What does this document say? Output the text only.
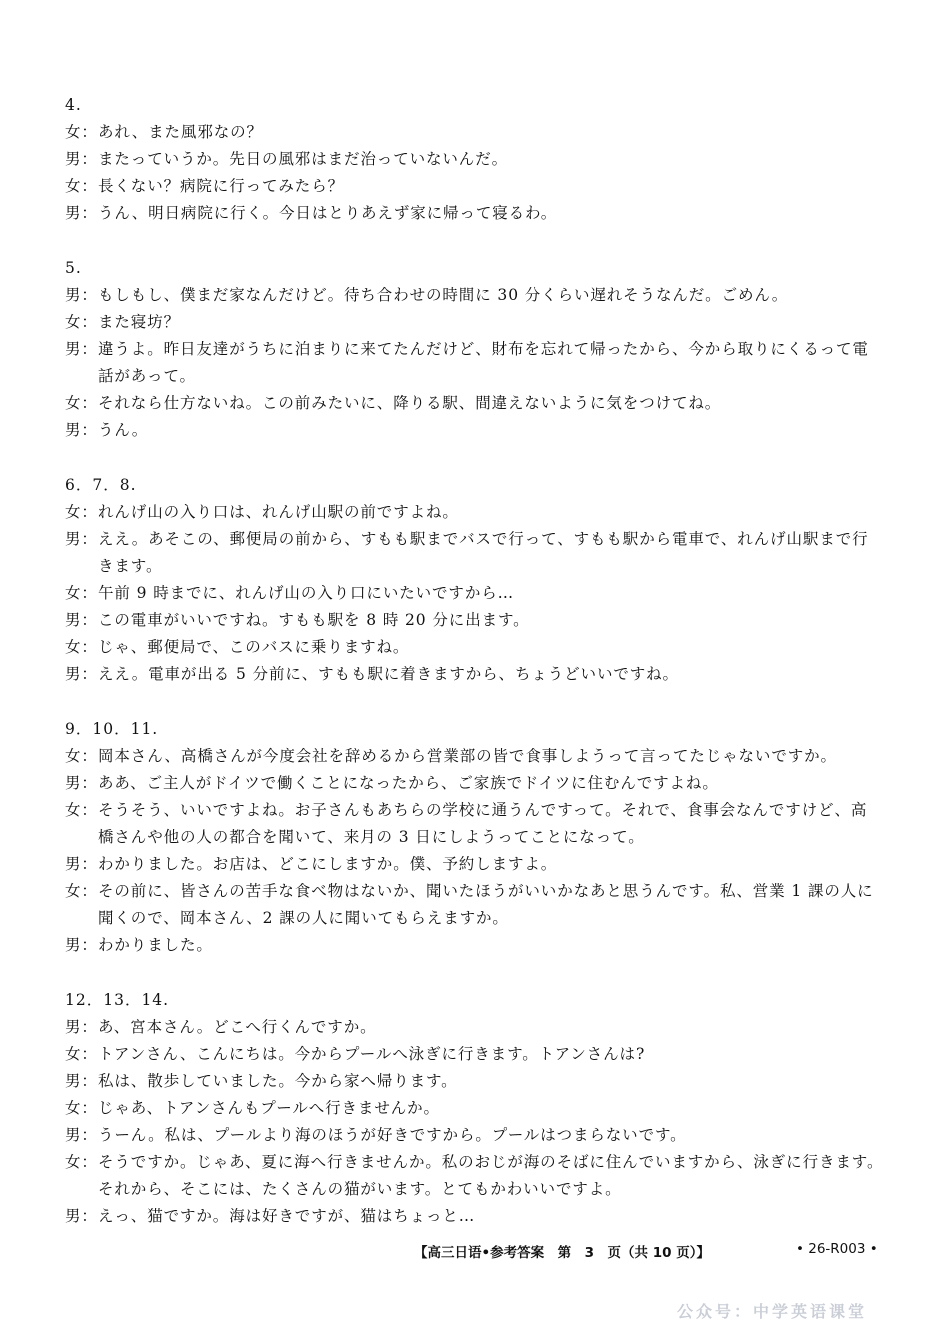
4.
女：あれ、また風邪なの？
男：またっていうか。先日の風邪はまだ治っていないんだ。
女：長くない？病院に行ってみたら？
男：うん、明日病院に行く。今日はとりあえず家に帰って寝るわ。
5.
男：もしもし、僕まだ家なんだけど。待ち合わせの時間に 30 分くらい遅れそうなんだ。ごめん。
女：また寝坊？
男：違うよ。昨日友達がうちに泊まりに来てたんだけど、財布を忘れて帰ったから、今から取りにくるって電
話があって。
女：それなら仕方ないね。この前みたいに、降りる駅、間違えないように気をつけてね。
男：うん。
6．7．8.
女：れんげ山の入り口は、れんげ山駅の前ですよね。
男：ええ。あそこの、郵便局の前から、すもも駅までバスで行って、すもも駅から電車で、れんげ山駅まで行
きます。
女：午前 9 時までに、れんげ山の入り口にいたいですから…
男：この電車がいいですね。すもも駅を 8 時 20 分に出ます。
女：じゃ、郵便局で、このバスに乗りますね。
男：ええ。電車が出る 5 分前に、すもも駅に着きますから、ちょうどいいですね。
9．10．11.
女：岡本さん、高橋さんが今度会社を辞めるから営業部の皆で食事しようって言ってたじゃないですか。
男：ああ、ご主人がドイツで働くことになったから、ご家族でドイツに住むんですよね。
女：そうそう、いいですよね。お子さんもあちらの学校に通うんですって。それで、食事会なんですけど、高
橋さんや他の人の都合を聞いて、来月の 3 日にしようってことになって。
男：わかりました。お店は、どこにしますか。僕、予約しますよ。
女：その前に、皆さんの苦手な食べ物はないか、聞いたほうがいいかなあと思うんです。私、営業 1 課の人に
聞くので、岡本さん、2 課の人に聞いてもらえますか。
男：わかりました。
12．13．14.
男：あ、宮本さん。どこへ行くんですか。
女：トアンさん、こんにちは。今からプールへ泳ぎに行きます。トアンさんは?
男：私は、散歩していました。今から家へ帰ります。
女：じゃあ、トアンさんもプールへ行きませんか。
男：うーん。私は、プールより海のほうが好きですから。プールはつまらないです。
女：そうですか。じゃあ、夏に海へ行きませんか。私のおじが海のそばに住んでいますから、泳ぎに行きます。
それから、そこには、たくさんの猫がいます。とてもかわいいですよ。
男：えっ、猫ですか。海は好きですが、猫はちょっと…
【高三日语•参考答案　第　3　页（共 10 页）】	• 26-R003 •
公众号：中学英语课堂
